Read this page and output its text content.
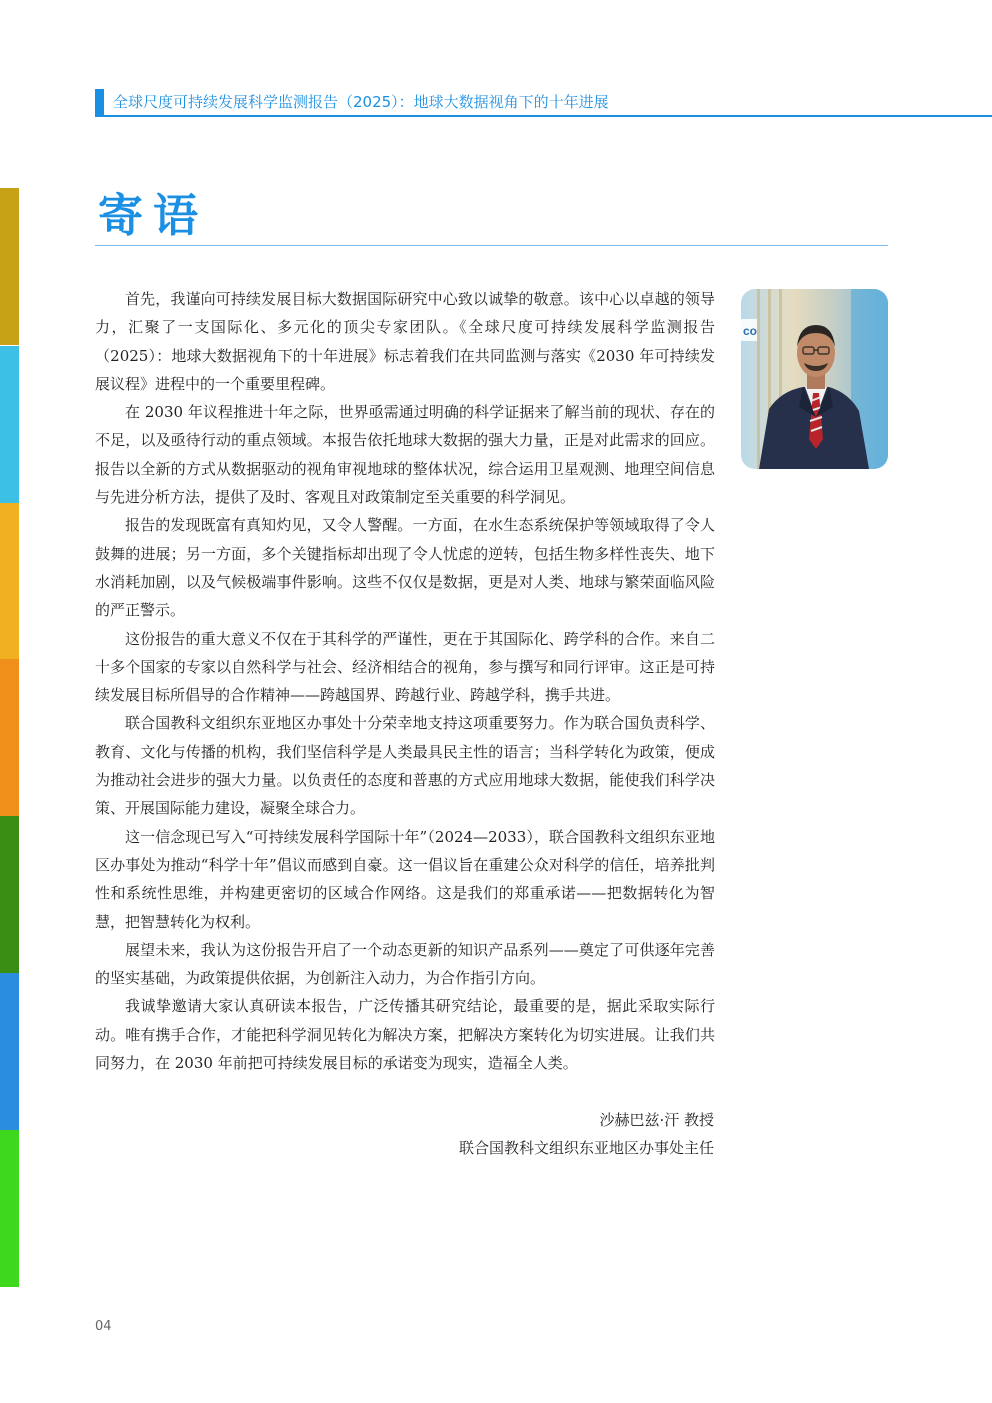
全球尺度可持续发展科学监测报告（2025）：地球大数据视角下的十年进展
寄语
co

首先，我谨向可持续发展目标大数据国际研究中心致以诚挚的敬意。该中心以卓越的领导力，汇聚了一支国际化、多元化的顶尖专家团队。《全球尺度可持续发展科学监测报告（2025）：地球大数据视角下的十年进展》标志着我们在共同监测与落实《2030 年可持续发展议程》进程中的一个重要里程碑。

在 2030 年议程推进十年之际，世界亟需通过明确的科学证据来了解当前的现状、存在的不足，以及亟待行动的重点领域。本报告依托地球大数据的强大力量，正是对此需求的回应。报告以全新的方式从数据驱动的视角审视地球的整体状况，综合运用卫星观测、地理空间信息与先进分析方法，提供了及时、客观且对政策制定至关重要的科学洞见。

报告的发现既富有真知灼见，又令人警醒。一方面，在水生态系统保护等领域取得了令人鼓舞的进展；另一方面，多个关键指标却出现了令人忧虑的逆转，包括生物多样性丧失、地下水消耗加剧，以及气候极端事件影响。这些不仅仅是数据，更是对人类、地球与繁荣面临风险的严正警示。

这份报告的重大意义不仅在于其科学的严谨性，更在于其国际化、跨学科的合作。来自二十多个国家的专家以自然科学与社会、经济相结合的视角，参与撰写和同行评审。这正是可持续发展目标所倡导的合作精神——跨越国界、跨越行业、跨越学科，携手共进。

联合国教科文组织东亚地区办事处十分荣幸地支持这项重要努力。作为联合国负责科学、教育、文化与传播的机构，我们坚信科学是人类最具民主性的语言；当科学转化为政策，便成为推动社会进步的强大力量。以负责任的态度和普惠的方式应用地球大数据，能使我们科学决策、开展国际能力建设，凝聚全球合力。

这一信念现已写入“可持续发展科学国际十年”（2024—2033），联合国教科文组织东亚地区办事处为推动“科学十年”倡议而感到自豪。这一倡议旨在重建公众对科学的信任，培养批判性和系统性思维，并构建更密切的区域合作网络。这是我们的郑重承诺——把数据转化为智慧，把智慧转化为权利。

展望未来，我认为这份报告开启了一个动态更新的知识产品系列——奠定了可供逐年完善的坚实基础，为政策提供依据，为创新注入动力，为合作指引方向。

我诚挚邀请大家认真研读本报告，广泛传播其研究结论，最重要的是，据此采取实际行动。唯有携手合作，才能把科学洞见转化为解决方案，把解决方案转化为切实进展。让我们共同努力，在 2030 年前把可持续发展目标的承诺变为现实，造福全人类。

沙赫巴兹·汗 教授
联合国教科文组织东亚地区办事处主任
04
